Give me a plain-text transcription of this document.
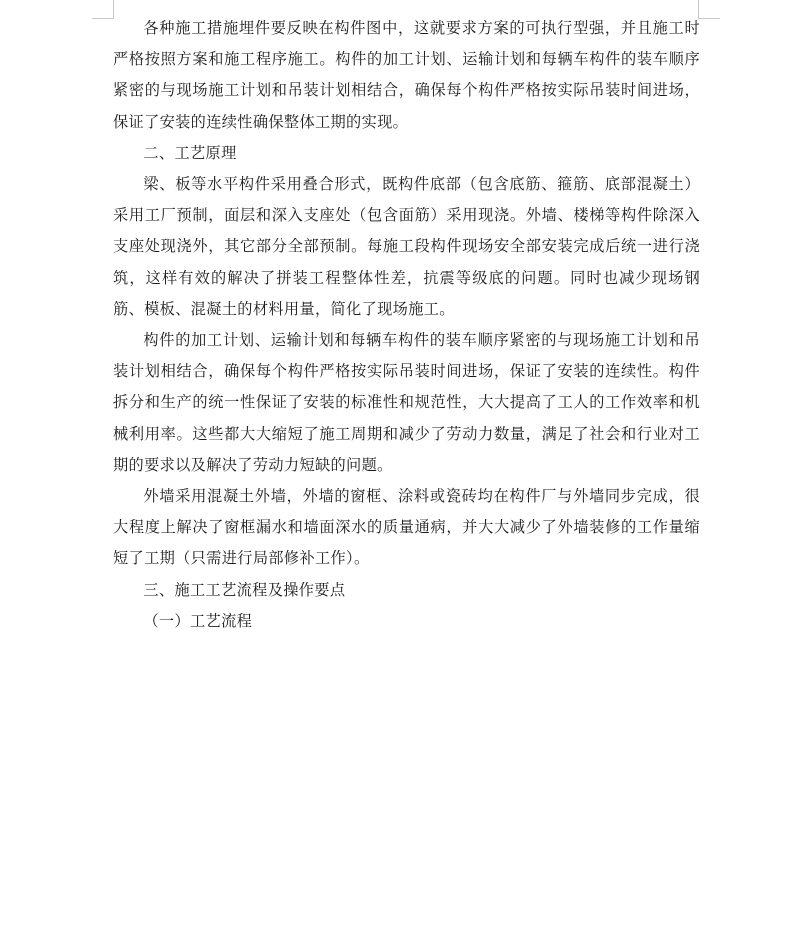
各种施工措施埋件要反映在构件图中，这就要求方案的可执行型强，并且施工时严格按照方案和施工程序施工。构件的加工计划、运输计划和每辆车构件的装车顺序紧密的与现场施工计划和吊装计划相结合，确保每个构件严格按实际吊装时间进场，保证了安装的连续性确保整体工期的实现。

二、工艺原理

梁、板等水平构件采用叠合形式，既构件底部（包含底筋、箍筋、底部混凝土）采用工厂预制，面层和深入支座处（包含面筋）采用现浇。外墙、楼梯等构件除深入支座处现浇外，其它部分全部预制。每施工段构件现场安全部安装完成后统一进行浇筑，这样有效的解决了拼装工程整体性差，抗震等级底的问题。同时也减少现场钢筋、模板、混凝土的材料用量，简化了现场施工。

构件的加工计划、运输计划和每辆车构件的装车顺序紧密的与现场施工计划和吊装计划相结合，确保每个构件严格按实际吊装时间进场，保证了安装的连续性。构件拆分和生产的统一性保证了安装的标准性和规范性，大大提高了工人的工作效率和机械利用率。这些都大大缩短了施工周期和减少了劳动力数量，满足了社会和行业对工期的要求以及解决了劳动力短缺的问题。

外墙采用混凝土外墙，外墙的窗框、涂料或瓷砖均在构件厂与外墙同步完成，很大程度上解决了窗框漏水和墙面深水的质量通病，并大大减少了外墙装修的工作量缩短了工期（只需进行局部修补工作）。

三、施工工艺流程及操作要点

（一）工艺流程
